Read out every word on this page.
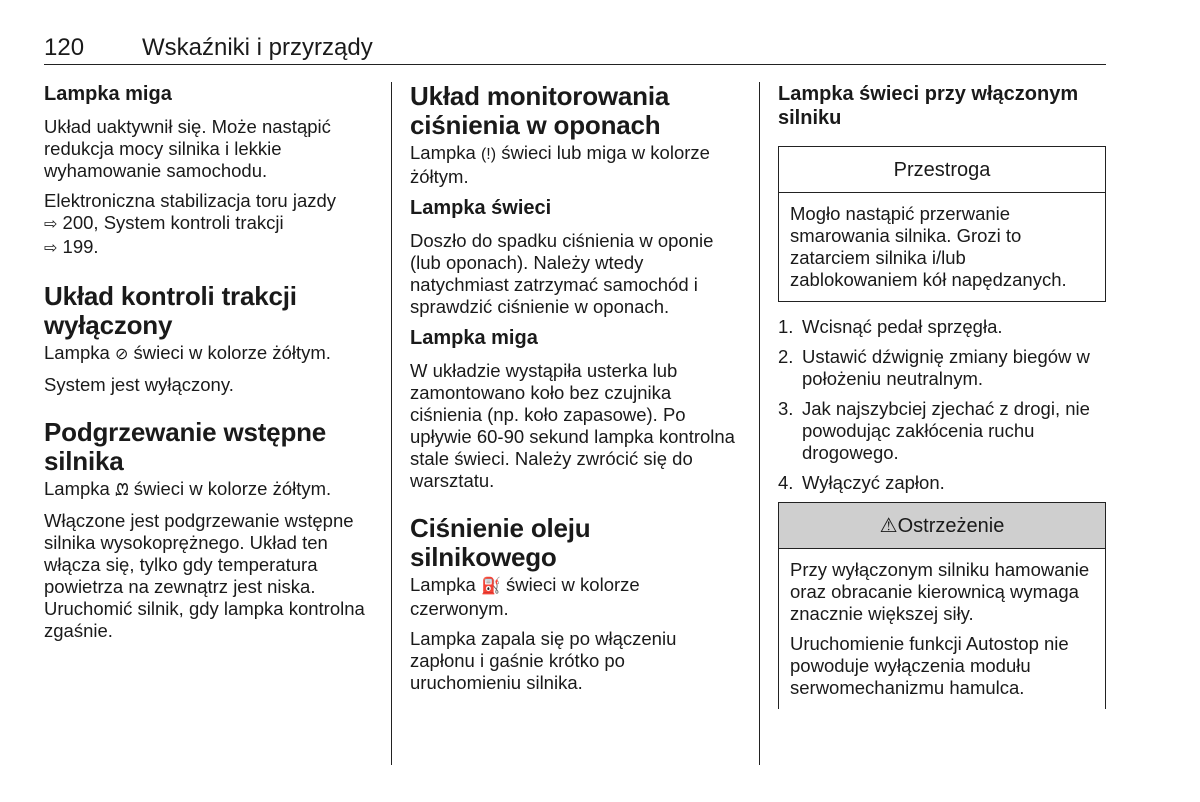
120 Wskaźniki i przyrządy
Lampka miga

Układ uaktywnił się. Może nastąpić redukcja mocy silnika i lekkie wyhamowanie samochodu.

Elektroniczna stabilizacja toru jazdy
⇨ 200, System kontroli trakcji
⇨ 199.

Układ kontroli trakcji wyłączony

Lampka ⊘ świeci w kolorze żółtym.

System jest wyłączony.

Podgrzewanie wstępne silnika

Lampka ᘻ świeci w kolorze żółtym.

Włączone jest podgrzewanie wstępne silnika wysokoprężnego. Układ ten włącza się, tylko gdy temperatura powietrza na zewnątrz jest niska. Uruchomić silnik, gdy lampka kontrolna zgaśnie.

Układ monitorowania ciśnienia w oponach

Lampka (!) świeci lub miga w kolorze żółtym.

Lampka świeci

Doszło do spadku ciśnienia w oponie (lub oponach). Należy wtedy natychmiast zatrzymać samochód i sprawdzić ciśnienie w oponach.

Lampka miga

W układzie wystąpiła usterka lub zamontowano koło bez czujnika ciśnienia (np. koło zapasowe). Po upływie 60-90 sekund lampka kontrolna stale świeci. Należy zwrócić się do warsztatu.

Ciśnienie oleju silnikowego

Lampka ⛽ świeci w kolorze czerwonym.

Lampka zapala się po włączeniu zapłonu i gaśnie krótko po uruchomieniu silnika.

Lampka świeci przy włączonym silniku
Przestroga

Mogło nastąpić przerwanie smarowania silnika. Grozi to zatarciem silnika i/lub zablokowaniem kół napędzanych.

1. Wcisnąć pedał sprzęgła.
2. Ustawić dźwignię zmiany biegów w położeniu neutralnym.
3. Jak najszybciej zjechać z drogi, nie powodując zakłócenia ruchu drogowego.
4. Wyłączyć zapłon.
⚠Ostrzeżenie

Przy wyłączonym silniku hamowanie oraz obracanie kierownicą wymaga znacznie większej siły.

Uruchomienie funkcji Autostop nie powoduje wyłączenia modułu serwomechanizmu hamulca.
